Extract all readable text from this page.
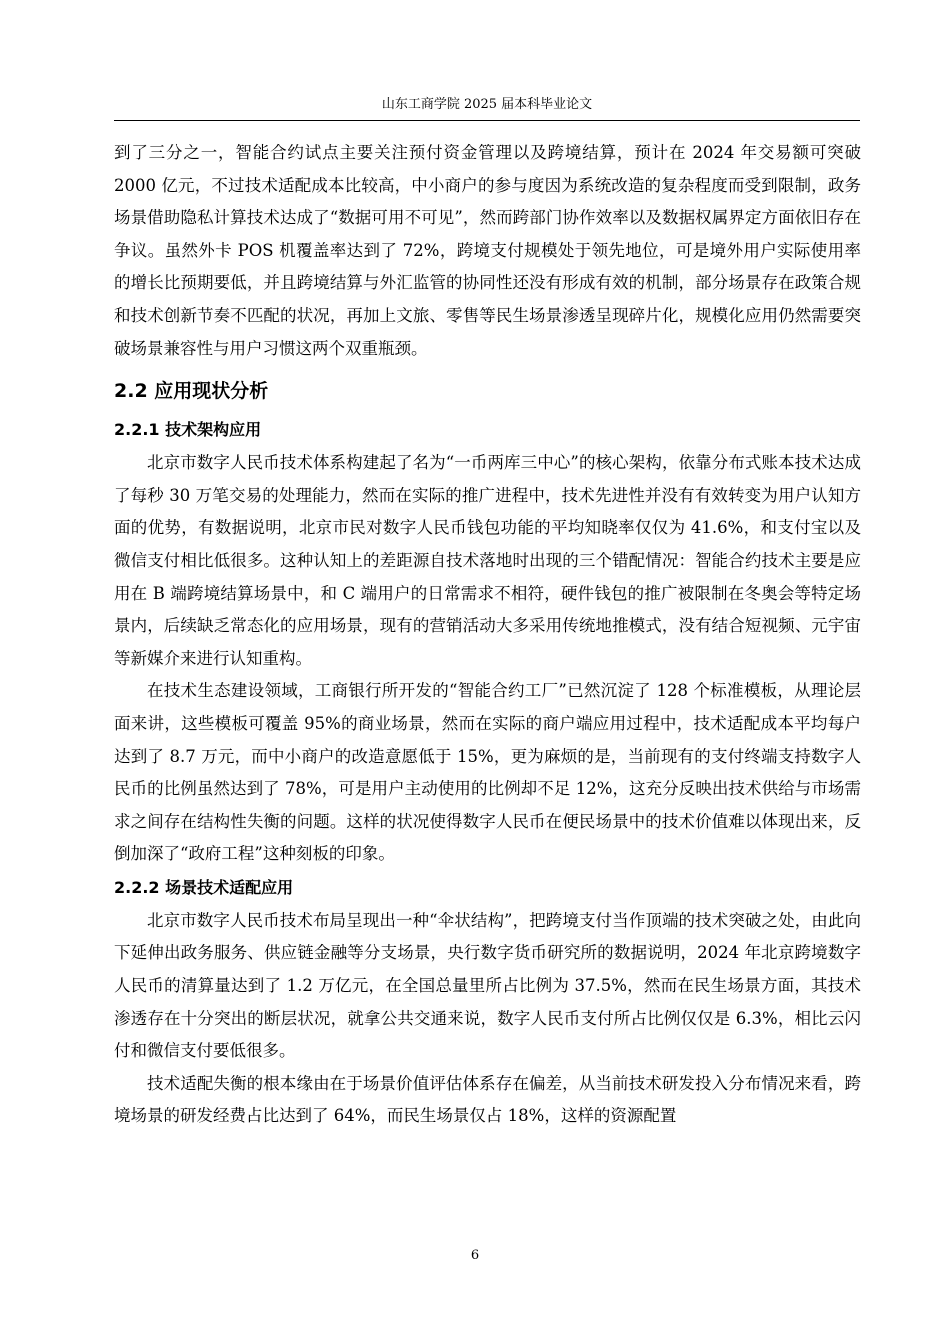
山东工商学院 2025 届本科毕业论文

到了三分之一，智能合约试点主要关注预付资金管理以及跨境结算，预计在 2024 年交易额可突破 2000 亿元，不过技术适配成本比较高，中小商户的参与度因为系统改造的复杂程度而受到限制，政务场景借助隐私计算技术达成了“数据可用不可见”，然而跨部门协作效率以及数据权属界定方面依旧存在争议。虽然外卡 POS 机覆盖率达到了 72%，跨境支付规模处于领先地位，可是境外用户实际使用率的增长比预期要低，并且跨境结算与外汇监管的协同性还没有形成有效的机制，部分场景存在政策合规和技术创新节奏不匹配的状况，再加上文旅、零售等民生场景渗透呈现碎片化，规模化应用仍然需要突破场景兼容性与用户习惯这两个双重瓶颈。

2.2 应用现状分析
2.2.1 技术架构应用

北京市数字人民币技术体系构建起了名为“一币两库三中心”的核心架构，依靠分布式账本技术达成了每秒 30 万笔交易的处理能力，然而在实际的推广进程中，技术先进性并没有有效转变为用户认知方面的优势，有数据说明，北京市民对数字人民币钱包功能的平均知晓率仅仅为 41.6%，和支付宝以及微信支付相比低很多。这种认知上的差距源自技术落地时出现的三个错配情况：智能合约技术主要是应用在 B 端跨境结算场景中，和 C 端用户的日常需求不相符，硬件钱包的推广被限制在冬奥会等特定场景内，后续缺乏常态化的应用场景，现有的营销活动大多采用传统地推模式，没有结合短视频、元宇宙等新媒介来进行认知重构。

在技术生态建设领域，工商银行所开发的“智能合约工厂”已然沉淀了 128 个标准模板，从理论层面来讲，这些模板可覆盖 95%的商业场景，然而在实际的商户端应用过程中，技术适配成本平均每户达到了 8.7 万元，而中小商户的改造意愿低于 15%，更为麻烦的是，当前现有的支付终端支持数字人民币的比例虽然达到了 78%，可是用户主动使用的比例却不足 12%，这充分反映出技术供给与市场需求之间存在结构性失衡的问题。这样的状况使得数字人民币在便民场景中的技术价值难以体现出来，反倒加深了“政府工程”这种刻板的印象。

2.2.2 场景技术适配应用

北京市数字人民币技术布局呈现出一种“伞状结构”，把跨境支付当作顶端的技术突破之处，由此向下延伸出政务服务、供应链金融等分支场景，央行数字货币研究所的数据说明，2024 年北京跨境数字人民币的清算量达到了 1.2 万亿元，在全国总量里所占比例为 37.5%，然而在民生场景方面，其技术渗透存在十分突出的断层状况，就拿公共交通来说，数字人民币支付所占比例仅仅是 6.3%，相比云闪付和微信支付要低很多。

技术适配失衡的根本缘由在于场景价值评估体系存在偏差，从当前技术研发投入分布情况来看，跨境场景的研发经费占比达到了 64%，而民生场景仅占 18%，这样的资源配置

6
